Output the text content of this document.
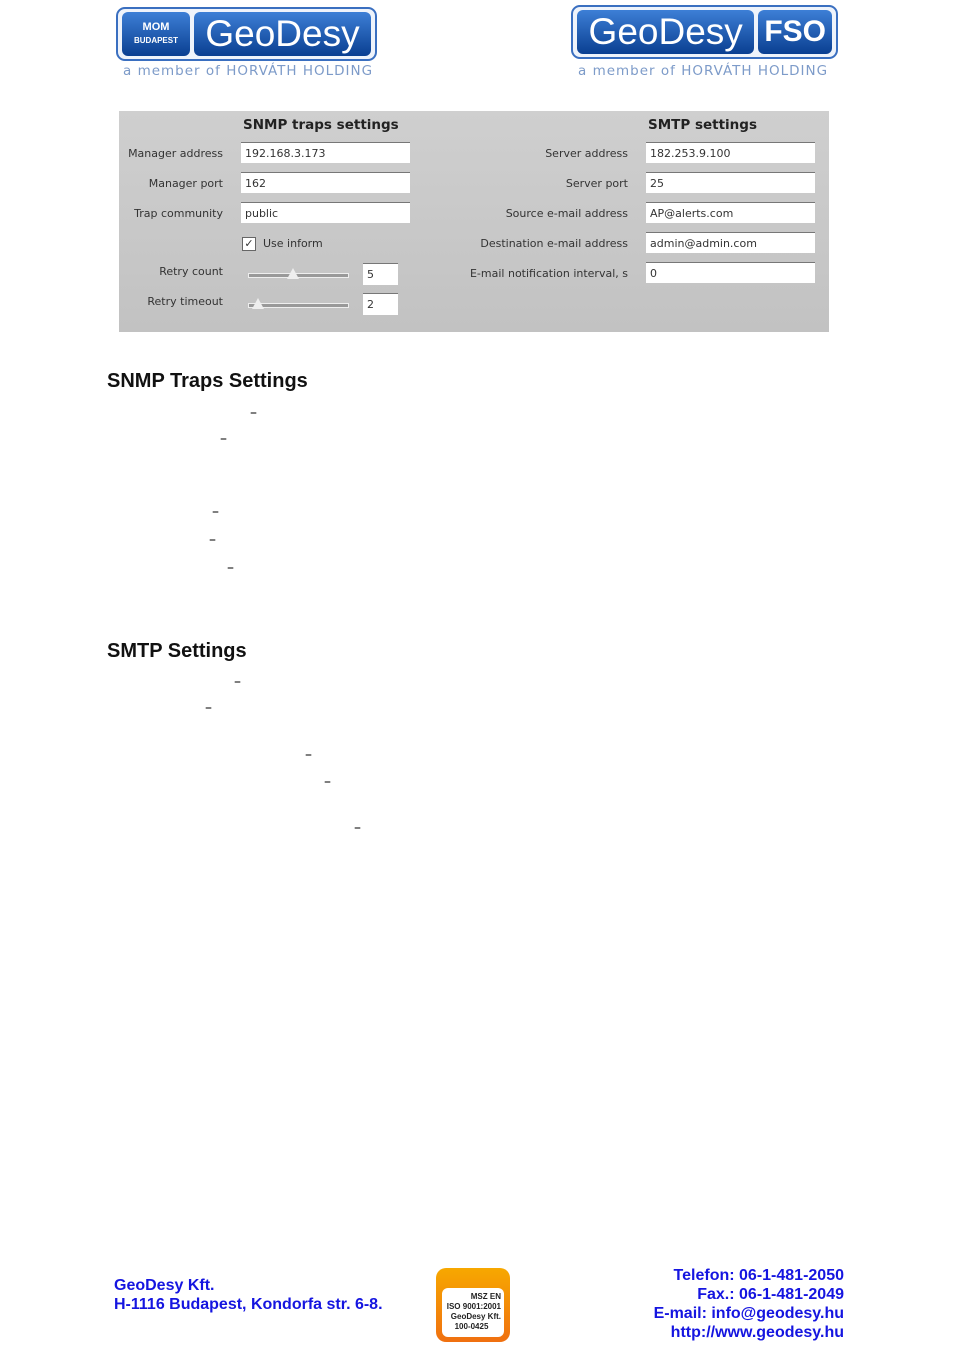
MOM
BUDAPEST GeoDesy
a member of HORVÁTH HOLDING
GeoDesy FSO
a member of HORVÁTH HOLDING
SNMP traps settings
Manager address	192.168.3.173
Manager port	162
Trap community	public
✓ Use inform
Retry count	5
Retry timeout	2
SMTP settings
Server address	182.253.9.100
Server port	25
Source e-mail address	AP@alerts.com
Destination e-mail address	admin@admin.com
E-mail notification interval, s	0
SNMP Traps Settings
–
–
–
–
–
SMTP Settings
–
–
–
–
–
GeoDesy Kft.
H-1116 Budapest, Kondorfa str. 6-8.	MSZ EN
ISO 9001:2001
GeoDesy Kft.
100-0425
Telefon: 06-1-481-2050
Fax.: 06-1-481-2049
E-mail: info@geodesy.hu
http://www.geodesy.hu
